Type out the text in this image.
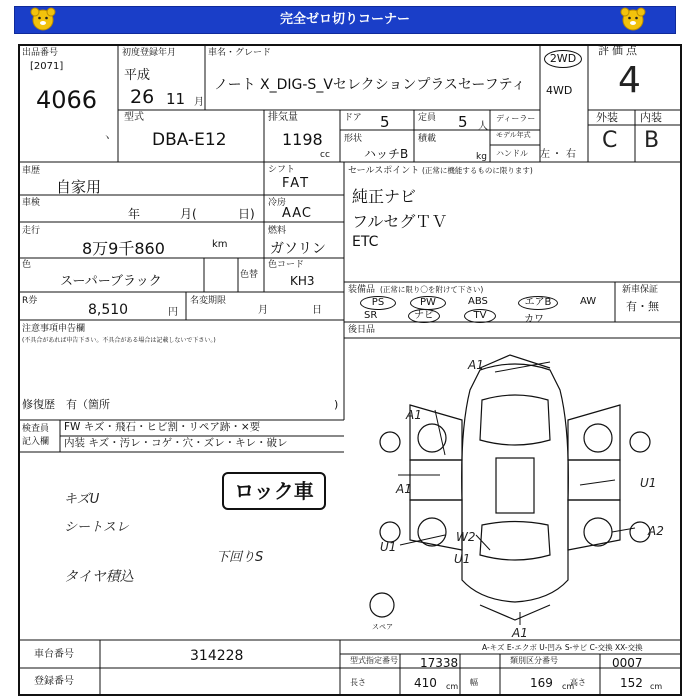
完全ゼロ切りコーナー
出品番号
[2071]
4066
ヽ
初度登録年月
平成
26 11 月
車名・グレード
ノート X_DIG-S_Vセレクションプラスセーフティ
2WD
4WD
評価点
4
外装 内装
C B
型式
DBA-E12
排気量
1198
cc
ドア 5
形状
ハッチB
定員 5 人
積載
kg
ディーラー
モデル年式
ハンドル 左 ・ 右
車歴
自家用
シフト
FAT
車検
年	月(	日)
冷房
AAC
走行
8万9千860	km
燃料
ガソリン
色
スーパーブラック	色替
色コード
KH3
R券
8,510	円
名変期限
月	日
注意事項申告欄
(不具合があれば申告下さい。不具合がある場合は記載しないで下さい。)
修復歴 有（箇所	)
検査員
記入欄
FW キズ・飛石・ヒビ割・リペア跡・×要
内装 キズ・汚レ・コゲ・穴・ズレ・キレ・破レ
セールスポイント (正常に機能するものに限ります)
純正ナビ
フルセグＴＶ
ETC
装備品 (正常に限り〇を附けて下さい)
PS	PW	ABS	エアB	AW
SR	ナビ	TV	カワ
新車保証
有・無
後日品
キズU
シートスレ
タイヤ積込
ロック車
下回りS
A1
A1
A1	U1
W2
U1
U1
A2
A1
スペア
A-キズ E-エクボ U-凹み S-サビ C-交換 XX-交換
車台番号	314228
登録番号
型式指定番号 17338	類別区分番号	0007
長さ	410 cm 幅	169 cm
高さ	152 cm
